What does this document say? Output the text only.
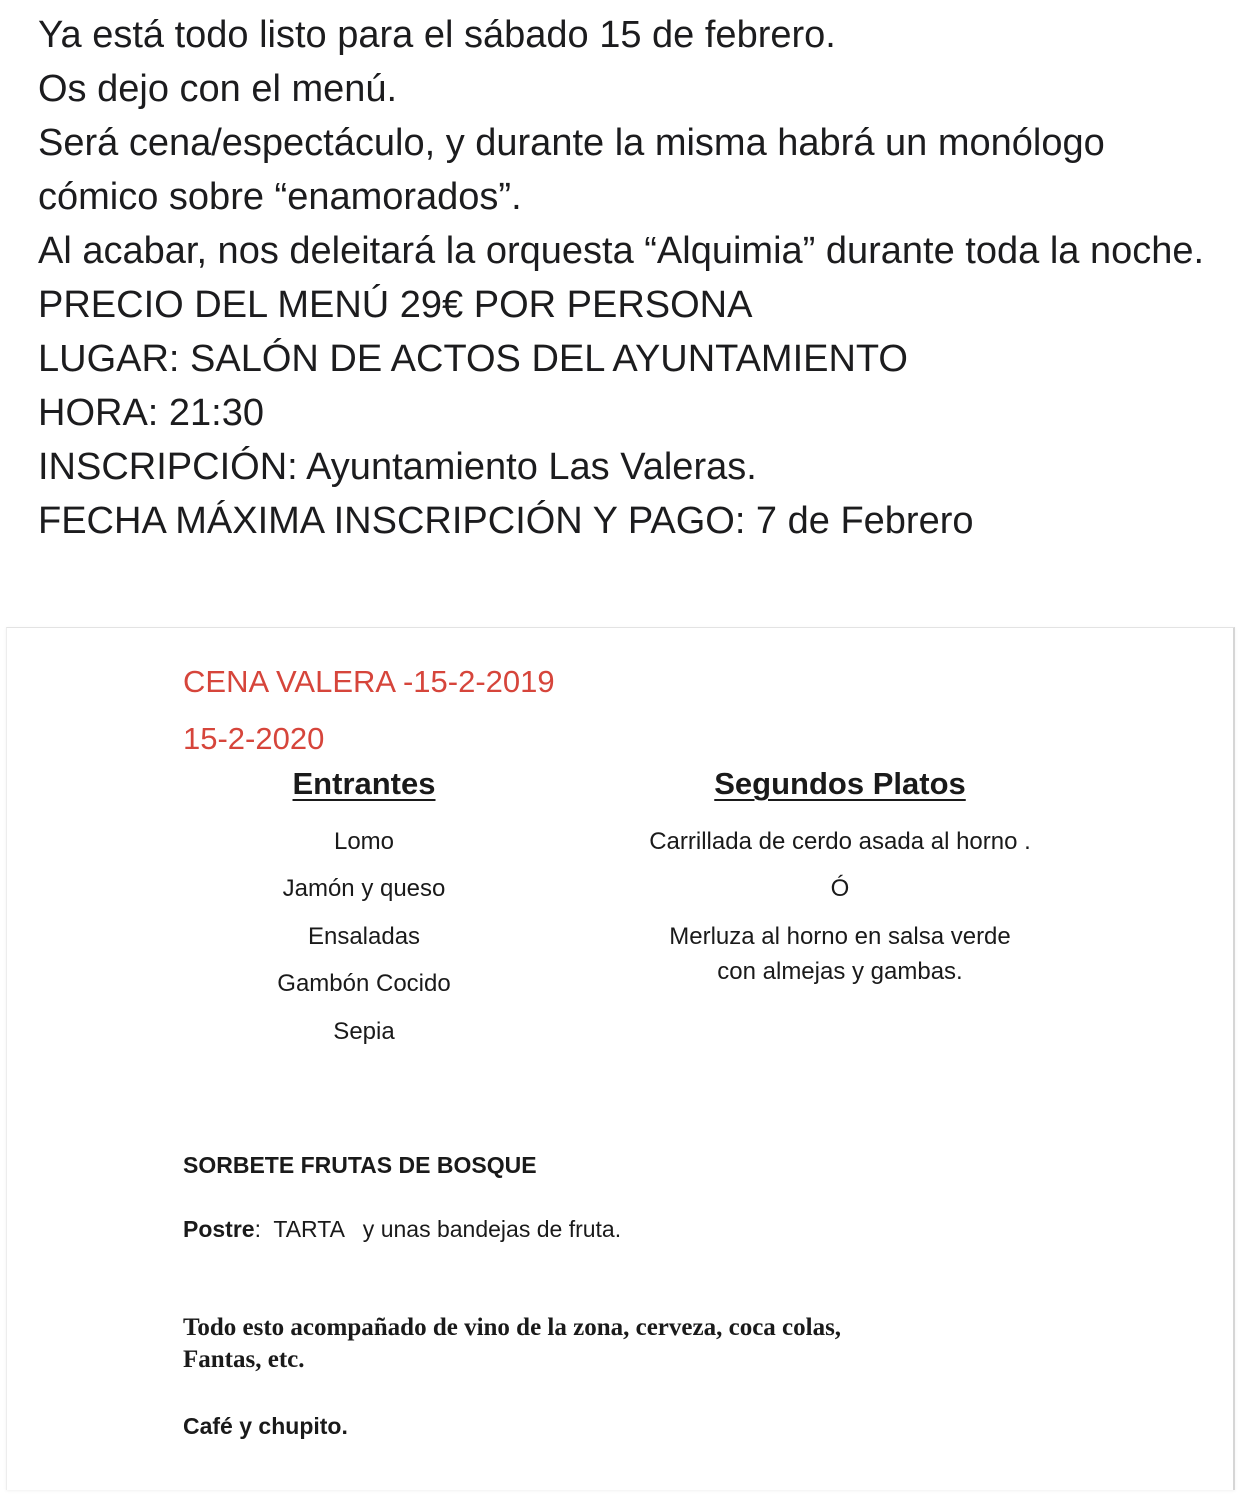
Ya está todo listo para el sábado 15 de febrero.

Os dejo con el menú.

Será cena/espectáculo, y durante la misma habrá un monólogo cómico sobre “enamorados”.

Al acabar, nos deleitará la orquesta “Alquimia” durante toda la noche.

PRECIO DEL MENÚ 29€ POR PERSONA

LUGAR: SALÓN DE ACTOS DEL AYUNTAMIENTO

HORA: 21:30

INSCRIPCIÓN: Ayuntamiento Las Valeras.

FECHA MÁXIMA INSCRIPCIÓN Y PAGO: 7 de Febrero

CENA VALERA -15-2-2019
15-2-2020
Entrantes
Lomo
Jamón y queso
Ensaladas
Gambón Cocido
Sepia
Segundos Platos
Carrillada de cerdo asada al horno .
Ó
Merluza al horno en salsa verde
con almejas y gambas.
SORBETE FRUTAS DE BOSQUE
Postre:  TARTA   y unas bandejas de fruta.
Todo esto acompañado de vino de la zona, cerveza, coca colas,
Fantas, etc.
Café y chupito.
